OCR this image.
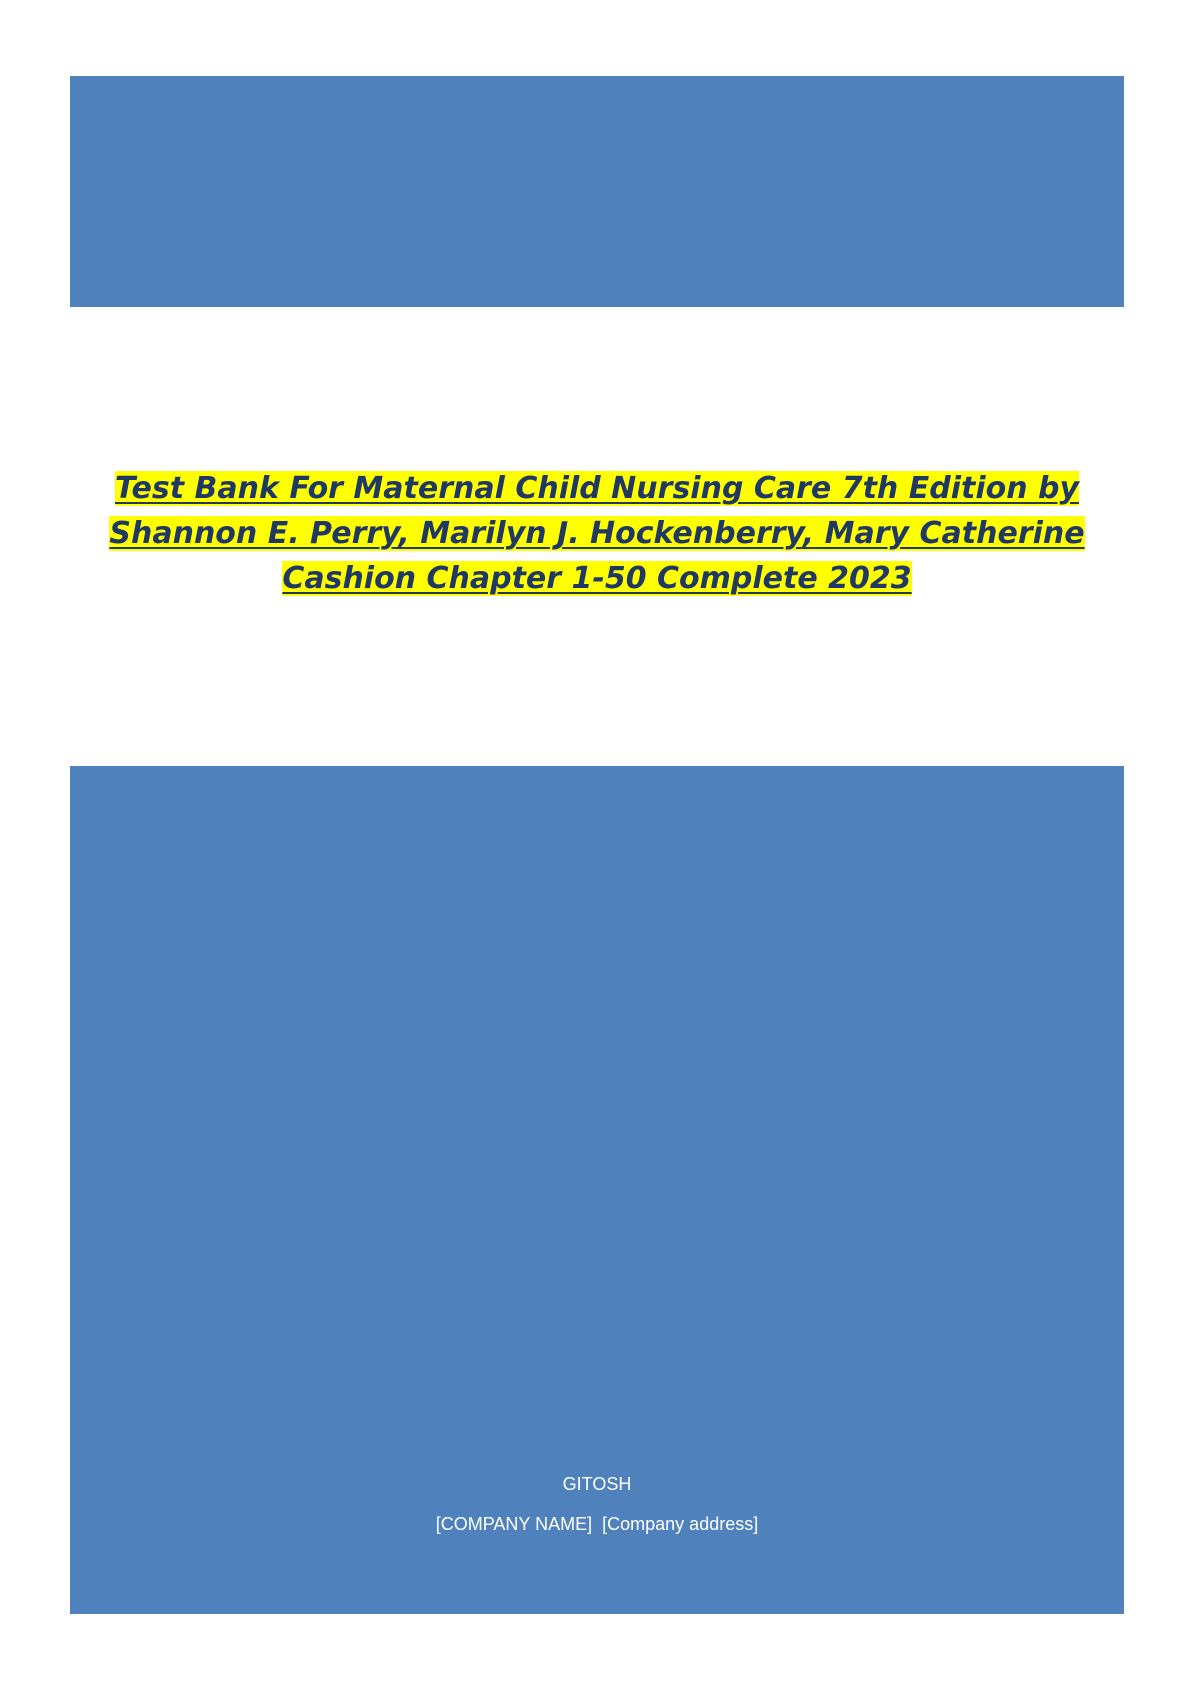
Test Bank For Maternal Child Nursing Care 7th Edition by
Shannon E. Perry, Marilyn J. Hockenberry, Mary Catherine
Cashion Chapter 1-50 Complete 2023
GITOSH
[COMPANY NAME] [Company address]
